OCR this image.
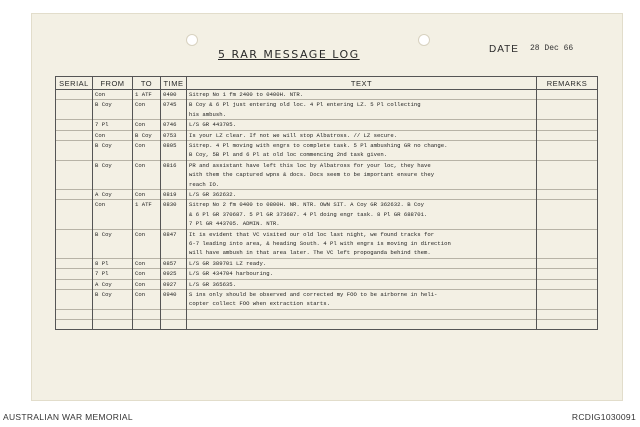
5 RAR MESSAGE LOG	DATE 28 Dec 66
SERIAL	FROM	TO	TIME	TEXT	REMARKS
	Con	1 ATF	0400	Sitrep No 1 fm 2400 to 0400H. NTR.	

	B Coy	Con	0745	B Coy & 6 Pl just entering old loc. 4 Pl entering LZ. 5 Pl collecting
his ambush.	

	7 Pl	Con	0746	L/S GR 443705.	

	Con	B Coy	0753	Is your LZ clear. If not we will stop Albatross. // LZ secure.	

	B Coy	Con	0805	Sitrep. 4 Pl moving with engrs to complete task. 5 Pl ambushing GR no change.
B Coy, 5B Pl and 6 Pl at old loc commencing 2nd task given.	

	B Coy	Con	0816	PR and assistant have left this loc by Albatross for your loc, they have
with them the captured wpns & docs. Docs seem to be important ensure they
reach IO.	

	A Coy	Con	0819	L/S GR 362632.	

	Con	1 ATF	0830	Sitrep No 2 fm 0400 to 0800H. NR. NTR. OWN SIT. A Coy GR 362632. B Coy
& 6 Pl GR 370687. 5 Pl GR 373687. 4 Pl doing engr task. 8 Pl GR 688701.
7 Pl GR 443705. ADMIN. NTR.	

	B Coy	Con	0847	It is evident that VC visited our old loc last night, we found tracks for
6-7 leading into area, & heading South. 4 Pl with engrs is moving in direction
will have ambush in that area later. The VC left propoganda behind them.	

	8 Pl	Con	0857	L/S GR 389701 LZ ready.	

	7 Pl	Con	0925	L/S GR 434704 harbouring.	

	A Coy	Con	0927	L/S GR 365635.	

	B Coy	Con	0940	S ins only should be observed and corrected my FOO to be airborne in heli-
copter collect FOO when extraction starts.	

AUSTRALIAN WAR MEMORIAL	RCDIG1030091
